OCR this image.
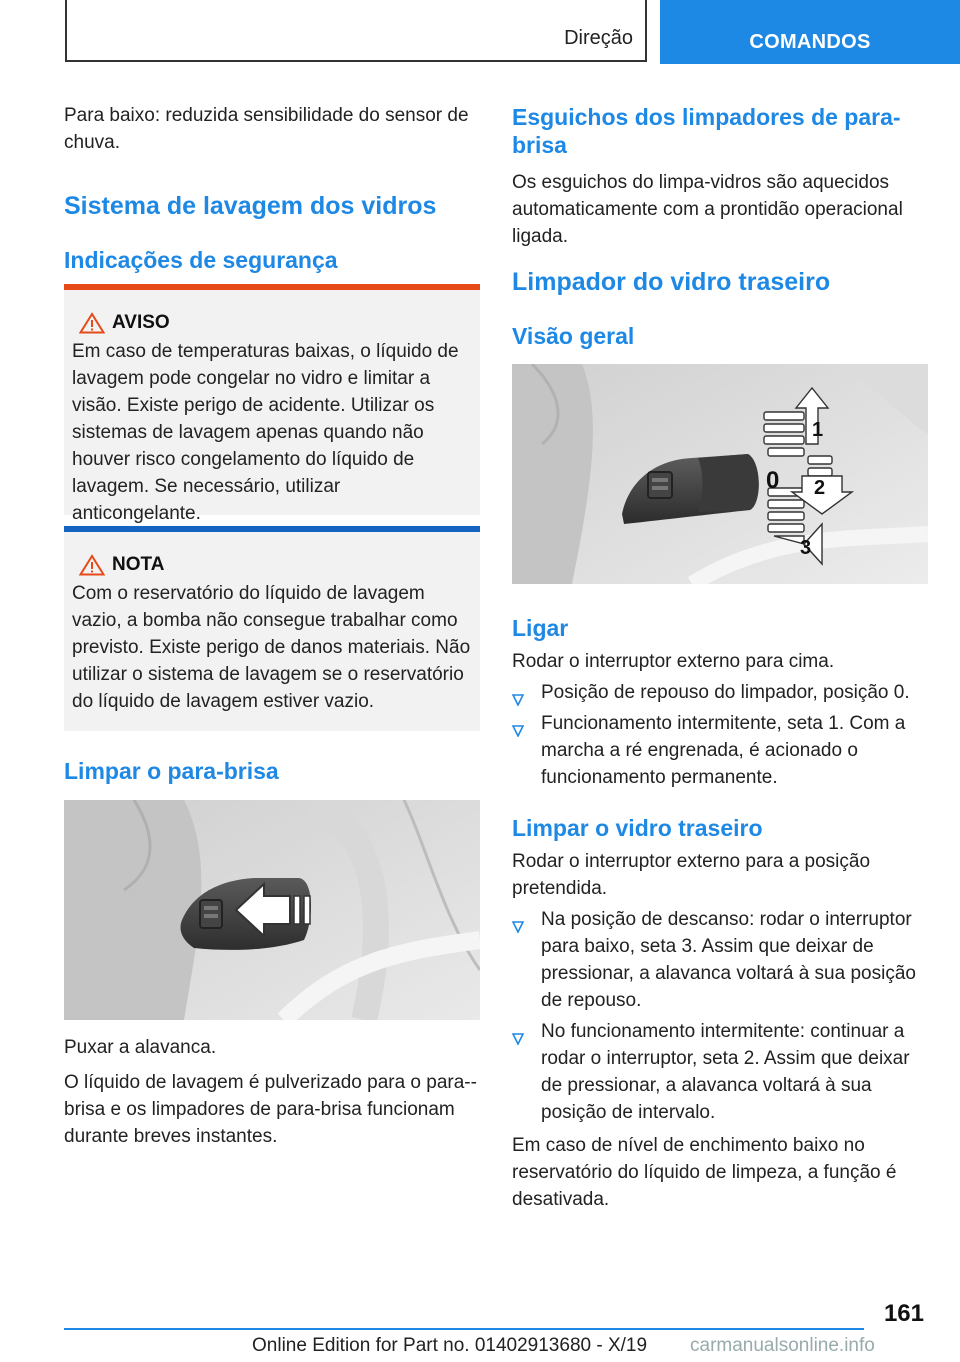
Direção	COMANDOS

Para baixo: reduzida sensibilidade do sensor de chuva.

Sistema de lavagem dos vidros
Indicações de segurança
AVISO

Em caso de temperaturas baixas, o líquido de lavagem pode congelar no vidro e limitar a visão. Existe perigo de acidente. Utilizar os sistemas de lavagem apenas quando não houver risco congelamento do líquido de lavagem. Se necessário, utilizar anticongelante.

NOTA

Com o reservatório do líquido de lavagem vazio, a bomba não consegue trabalhar como previsto. Existe perigo de danos materiais. Não utilizar o sistema de lavagem se o reservatório do líquido de lavagem estiver vazio.

Limpar o para-brisa

Puxar a alavanca.

O líquido de lavagem é pulverizado para o para--brisa e os limpadores de para-brisa funcionam durante breves instantes.

Esguichos dos limpadores de para-brisa

Os esguichos do limpa-vidros são aquecidos automaticamente com a prontidão operacional ligada.

Limpador do vidro traseiro
Visão geral
1
0 2
3
Ligar

Rodar o interruptor externo para cima.

Posição de repouso do limpador, posição 0.
Funcionamento intermitente, seta 1. Com a marcha a ré engrenada, é acionado o funcionamento permanente.
Limpar o vidro traseiro

Rodar o interruptor externo para a posição pretendida.

Na posição de descanso: rodar o interruptor para baixo, seta 3. Assim que deixar de pressionar, a alavanca voltará à sua posição de repouso.
No funcionamento intermitente: continuar a rodar o interruptor, seta 2. Assim que deixar de pressionar, a alavanca voltará à sua posição de intervalo.

Em caso de nível de enchimento baixo no reservatório do líquido de limpeza, a função é desativada.

161
Online Edition for Part no. 01402913680 - X/19 carmanualsonline.info
